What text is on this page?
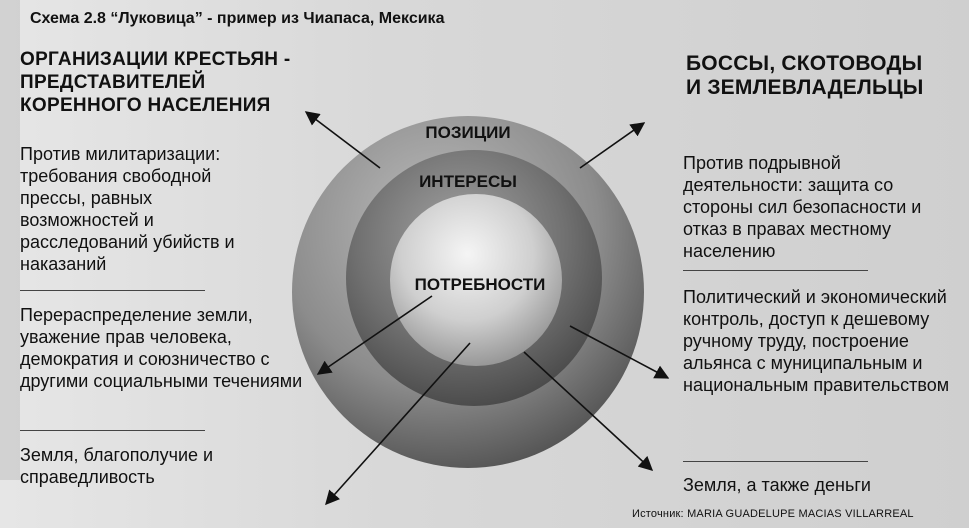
Схема 2.8 “Луковица” - пример из Чиапаса, Мексика
ОРГАНИЗАЦИИ КРЕСТЬЯН - ПРЕДСТАВИТЕЛЕЙ КОРЕННОГО НАСЕЛЕНИЯ
Против милитаризации: требования свободной прессы, равных возможностей и расследований убийств и наказаний
Перераспределение земли, уважение прав человека, демократия и союзничество с другими социальными течениями
Земля, благополучие и справедливость
БОССЫ, СКОТОВОДЫ И ЗЕМЛЕВЛАДЕЛЬЦЫ
Против подрывной деятельности: защита со стороны сил безопасности и отказ в правах местному населению
Политический и экономический контроль, доступ к дешевому ручному труду, построение альянса с муниципальным и национальным правительством
Земля, а также деньги
Источник: MARIA GUADELUPE MACIAS VILLARREAL
ПОЗИЦИИ
ИНТЕРЕСЫ
ПОТРЕБНОСТИ
